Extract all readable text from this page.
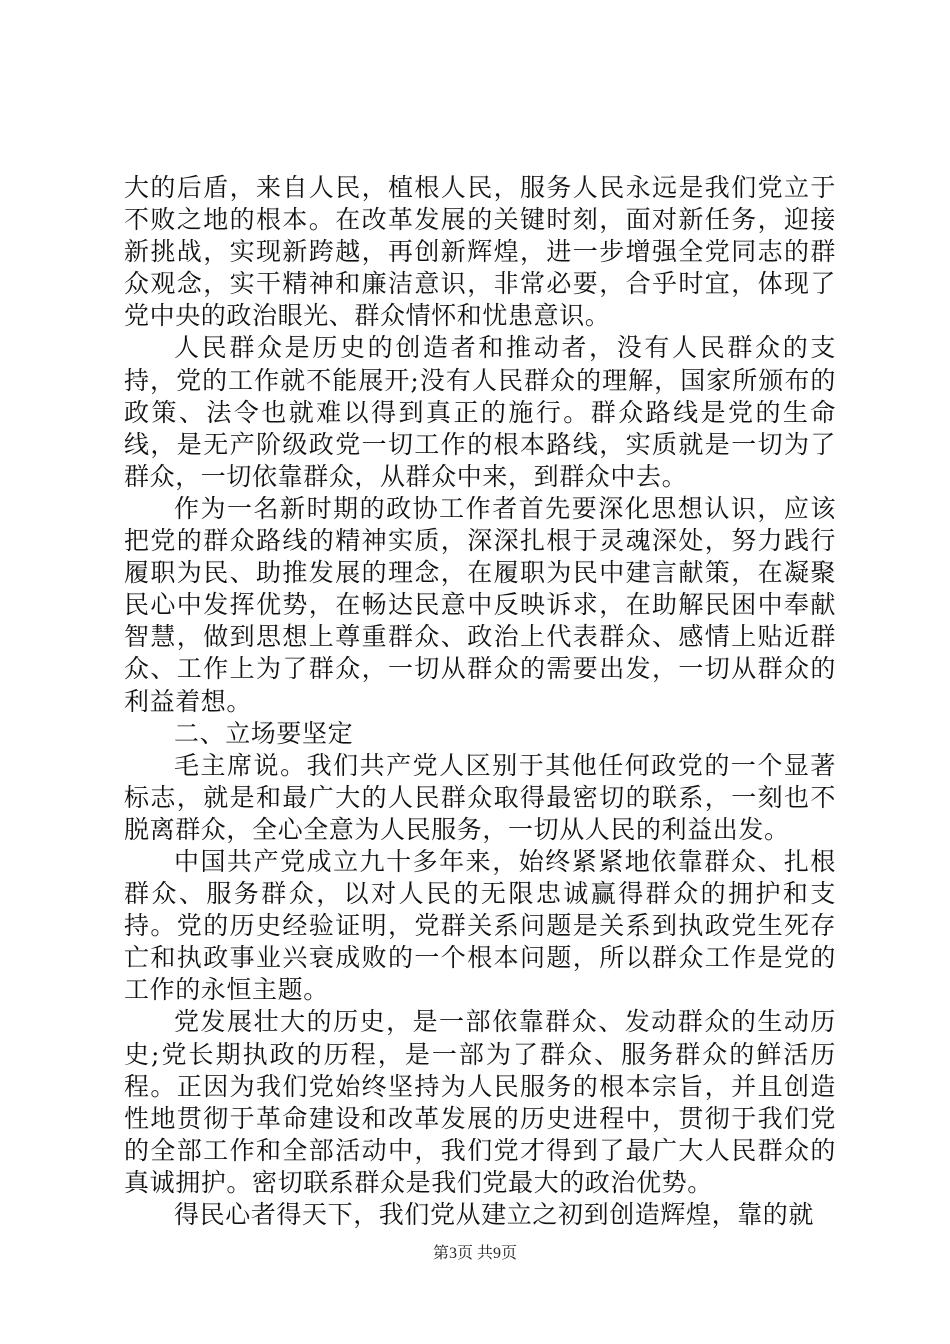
大的后盾，来自人民，植根人民，服务人民永远是我们党立于不败之地的根本。在改革发展的关键时刻，面对新任务，迎接新挑战，实现新跨越，再创新辉煌，进一步增强全党同志的群众观念，实干精神和廉洁意识，非常必要，合乎时宜，体现了党中央的政治眼光、群众情怀和忧患意识。

人民群众是历史的创造者和推动者，没有人民群众的支持，党的工作就不能展开;没有人民群众的理解，国家所颁布的政策、法令也就难以得到真正的施行。群众路线是党的生命线，是无产阶级政党一切工作的根本路线，实质就是一切为了群众，一切依靠群众，从群众中来，到群众中去。

作为一名新时期的政协工作者首先要深化思想认识，应该把党的群众路线的精神实质，深深扎根于灵魂深处，努力践行履职为民、助推发展的理念，在履职为民中建言献策，在凝聚民心中发挥优势，在畅达民意中反映诉求，在助解民困中奉献智慧，做到思想上尊重群众、政治上代表群众、感情上贴近群众、工作上为了群众，一切从群众的需要出发，一切从群众的利益着想。

二、立场要坚定

毛主席说。我们共产党人区别于其他任何政党的一个显著标志，就是和最广大的人民群众取得最密切的联系，一刻也不脱离群众，全心全意为人民服务，一切从人民的利益出发。

中国共产党成立九十多年来，始终紧紧地依靠群众、扎根群众、服务群众，以对人民的无限忠诚赢得群众的拥护和支持。党的历史经验证明，党群关系问题是关系到执政党生死存亡和执政事业兴衰成败的一个根本问题，所以群众工作是党的工作的永恒主题。

党发展壮大的历史，是一部依靠群众、发动群众的生动历史;党长期执政的历程，是一部为了群众、服务群众的鲜活历程。正因为我们党始终坚持为人民服务的根本宗旨，并且创造性地贯彻于革命建设和改革发展的历史进程中，贯彻于我们党的全部工作和全部活动中，我们党才得到了最广大人民群众的真诚拥护。密切联系群众是我们党最大的政治优势。

得民心者得天下，我们党从建立之初到创造辉煌，靠的就

第3页 共9页
